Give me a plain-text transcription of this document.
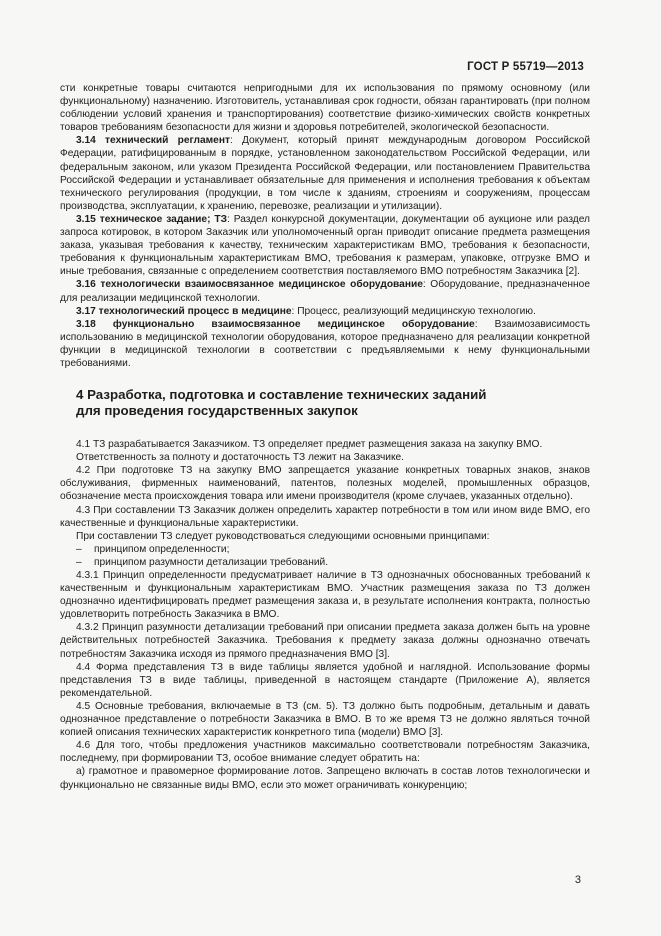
ГОСТ Р 55719—2013

сти конкретные товары считаются непригодными для их использования по прямому основному (или функциональному) назначению. Изготовитель, устанавливая срок годности, обязан гарантировать (при полном соблюдении условий хранения и транспортирования) соответствие физико-химических свойств конкретных товаров требованиям безопасности для жизни и здоровья потребителей, экологической безопасности.

3.14 технический регламент: Документ, который принят международным договором Российской Федерации, ратифицированным в порядке, установленном законодательством Российской Федерации, или федеральным законом, или указом Президента Российской Федерации, или постановлением Правительства Российской Федерации и устанавливает обязательные для применения и исполнения требования к объектам технического регулирования (продукции, в том числе к зданиям, строениям и сооружениям, процессам производства, эксплуатации, к хранению, перевозке, реализации и утилизации).

3.15 техническое задание; ТЗ: Раздел конкурсной документации, документации об аукционе или раздел запроса котировок, в котором Заказчик или уполномоченный орган приводит описание предмета размещения заказа, указывая требования к качеству, техническим характеристикам ВМО, требования к безопасности, требования к функциональным характеристикам ВМО, требования к размерам, упаковке, отгрузке ВМО и иные требования, связанные с определением соответствия поставляемого ВМО потребностям Заказчика [2].

3.16 технологически взаимосвязанное медицинское оборудование: Оборудование, предназначенное для реализации медицинской технологии.

3.17 технологический процесс в медицине: Процесс, реализующий медицинскую технологию.

3.18 функционально взаимосвязанное медицинское оборудование: Взаимозависимость использованию в медицинской технологии оборудования, которое предназначено для реализации конкретной функции в медицинской технологии в соответствии с предъявляемыми к нему функциональными требованиями.

4 Разработка, подготовка и составление технических заданий
для проведения государственных закупок

4.1 ТЗ разрабатывается Заказчиком. ТЗ определяет предмет размещения заказа на закупку ВМО.

Ответственность за полноту и достаточность ТЗ лежит на Заказчике.

4.2 При подготовке ТЗ на закупку ВМО запрещается указание конкретных товарных знаков, знаков обслуживания, фирменных наименований, патентов, полезных моделей, промышленных образцов, обозначение места происхождения товара или имени производителя (кроме случаев, указанных отдельно).

4.3 При составлении ТЗ Заказчик должен определить характер потребности в том или ином виде ВМО, его качественные и функциональные характеристики.

При составлении ТЗ следует руководствоваться следующими основными принципами:

– принципом определенности;

– принципом разумности детализации требований.

4.3.1 Принцип определенности предусматривает наличие в ТЗ однозначных обоснованных требований к качественным и функциональным характеристикам ВМО. Участник размещения заказа по ТЗ должен однозначно идентифицировать предмет размещения заказа и, в результате исполнения контракта, полностью удовлетворить потребность Заказчика в ВМО.

4.3.2 Принцип разумности детализации требований при описании предмета заказа должен быть на уровне действительных потребностей Заказчика. Требования к предмету заказа должны однозначно отвечать потребностям Заказчика исходя из прямого предназначения ВМО [3].

4.4 Форма представления ТЗ в виде таблицы является удобной и наглядной. Использование формы представления ТЗ в виде таблицы, приведенной в настоящем стандарте (Приложение А), является рекомендательной.

4.5 Основные требования, включаемые в ТЗ (см. 5). ТЗ должно быть подробным, детальным и давать однозначное представление о потребности Заказчика в ВМО. В то же время ТЗ не должно являться точной копией описания технических характеристик конкретного типа (модели) ВМО [3].

4.6 Для того, чтобы предложения участников максимально соответствовали потребностям Заказчика, последнему, при формировании ТЗ, особое внимание следует обратить на:

а) грамотное и правомерное формирование лотов. Запрещено включать в состав лотов технологически и функционально не связанные виды ВМО, если это может ограничивать конкуренцию;

3
